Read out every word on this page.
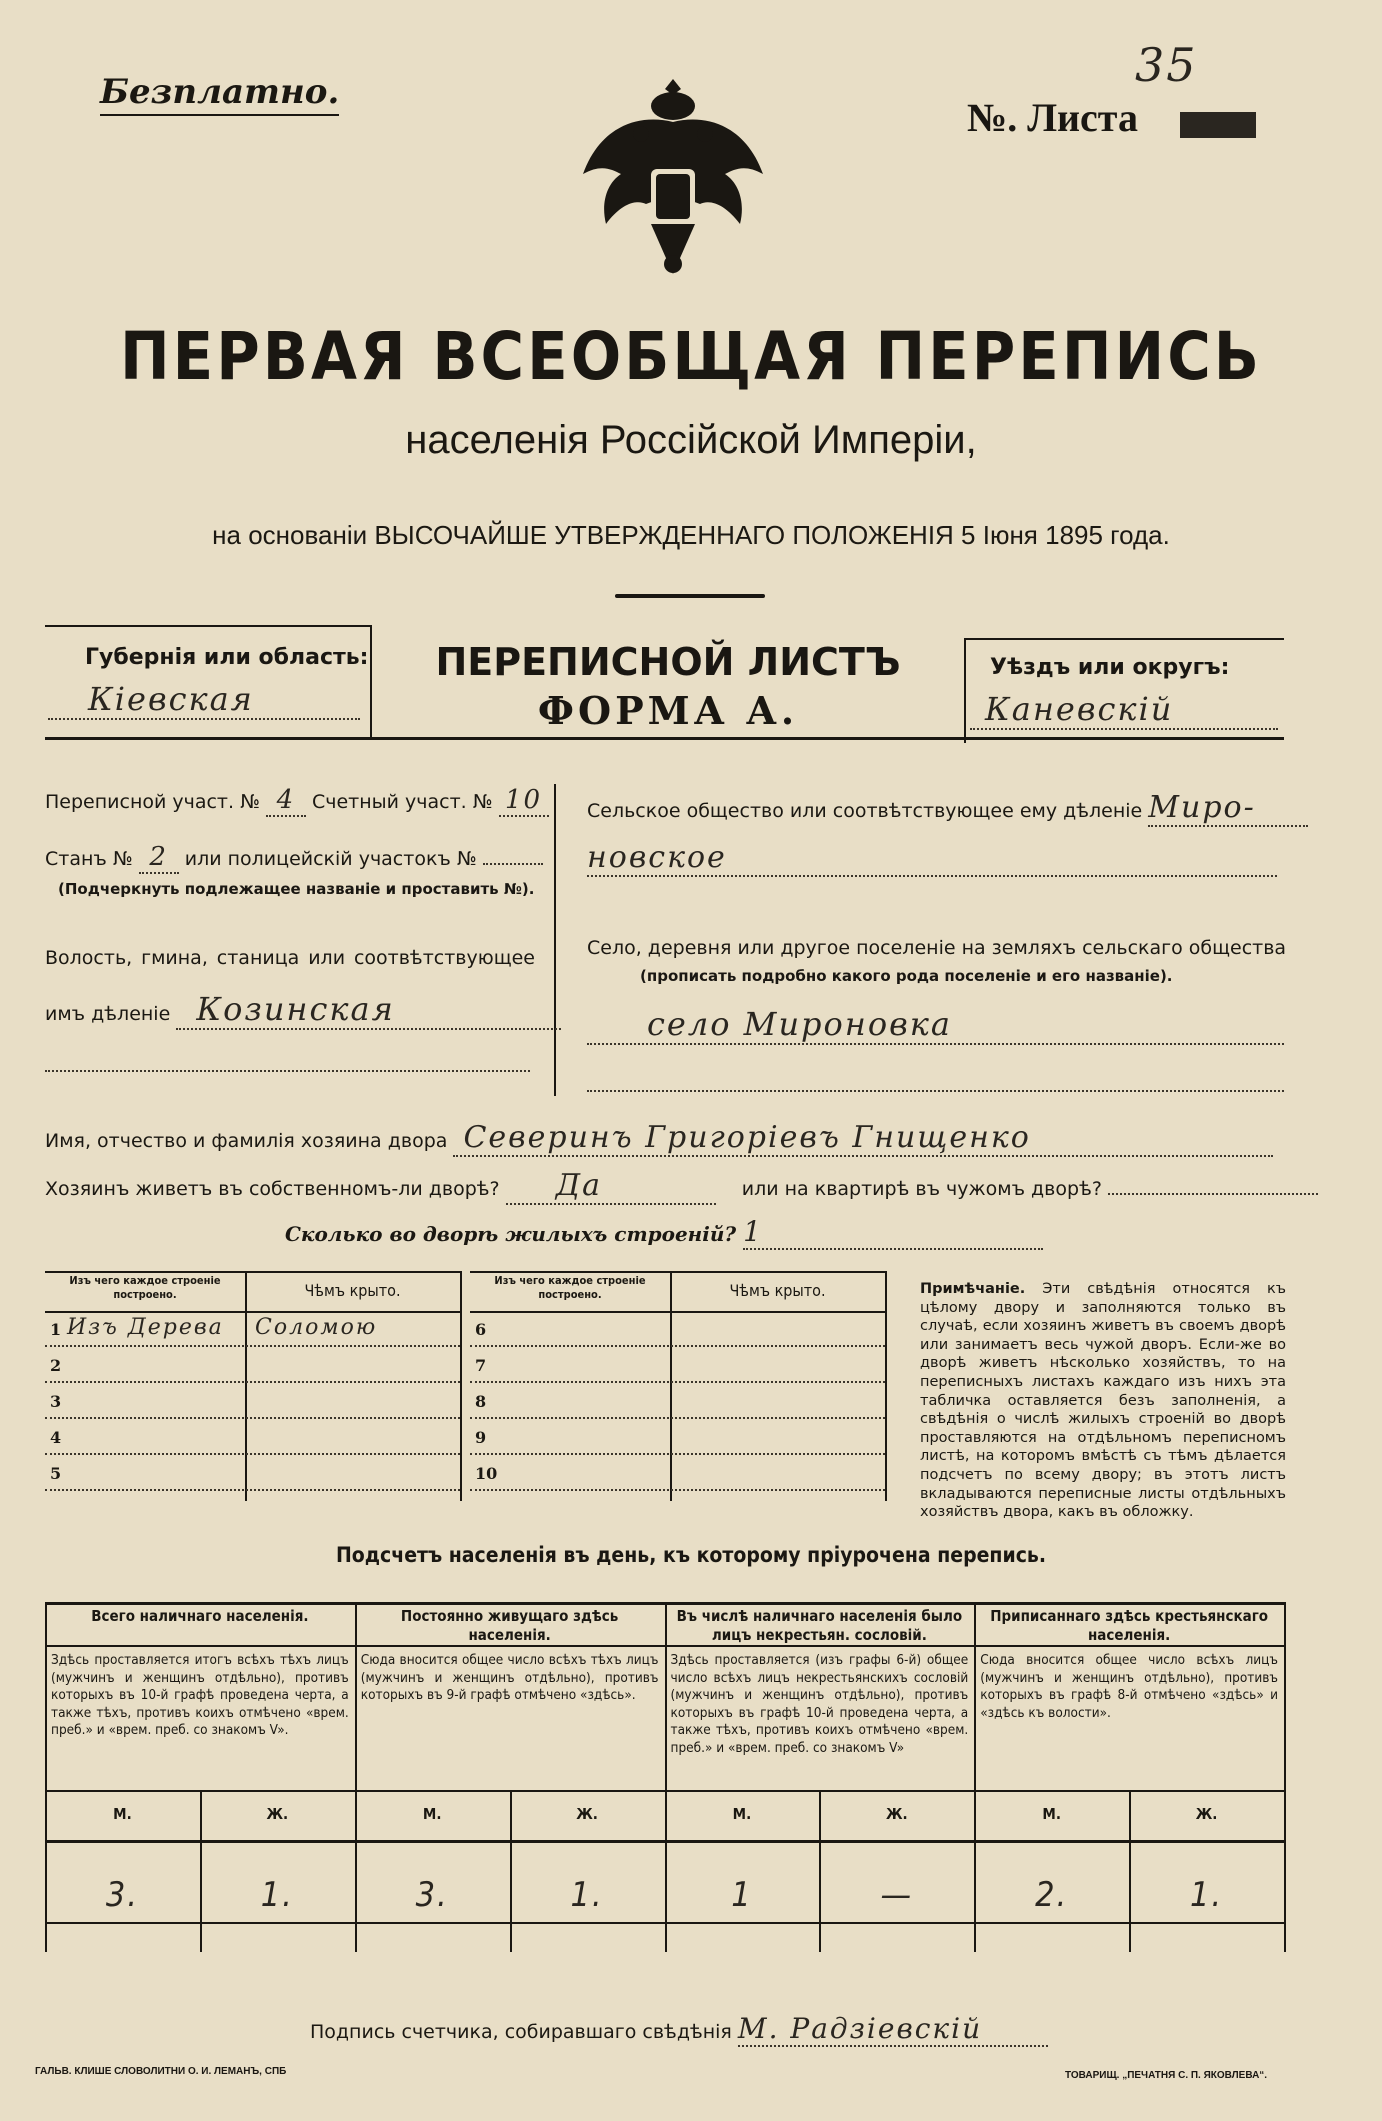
Безплатно.
№. Листа
35
ПЕРВАЯ ВСЕОБЩАЯ ПЕРЕПИСЬ
населенія Россійской Имперіи,
на основаніи ВЫСОЧАЙШЕ УТВЕРЖДЕННАГО ПОЛОЖЕНІЯ 5 Іюня 1895 года.
Губернія или область:
Кіевская
ПЕРЕПИСНОЙ ЛИСТЪ
ФОРМА А.
Уѣздъ или округъ:
Каневскій
Переписной участ. № 4 Счетный участ. № 10
Станъ № 2 или полицейскій участокъ №
(Подчеркнуть подлежащее названіе и проставить №).
Волость, гмина, станица или соотвѣтствующее
имъ дѣленіе Козинская
Сельское общество или соотвѣтствующее ему дѣленіе Миро-
новское
Село, деревня или другое поселеніе на земляхъ сельскаго общества
(прописать подробно какого рода поселеніе и его названіе).
село Мироновка
Имя, отчество и фамилія хозяина двора Северинъ Григорiевъ Гнищенко
Хозяинъ живетъ въ собственномъ-ли дворѣ? Да	или на квартирѣ въ чужомъ дворѣ?
Сколько во дворѣ жилыхъ строеній? 1
Изъ чего каждое строеніе построено.	Чѣмъ крыто.
1 Изъ Дерева Соломою
2
3
4
5
Изъ чего каждое строеніе построено.	Чѣмъ крыто.
6
7
8
9
10
Примѣчаніе. Эти свѣдѣнія относятся къ цѣлому двору и заполняются только въ случаѣ, если хозяинъ живетъ въ своемъ дворѣ или занимаетъ весь чужой дворъ. Если-же во дворѣ живетъ нѣсколько хозяйствъ, то на переписныхъ листахъ каждаго изъ нихъ эта табличка оставляется безъ заполненія, а свѣдѣнія о числѣ жилыхъ строеній во дворѣ проставляются на отдѣльномъ переписномъ листѣ, на которомъ вмѣстѣ съ тѣмъ дѣлается подсчетъ по всему двору; въ этотъ листъ вкладываются переписные листы отдѣльныхъ хозяйствъ двора, какъ въ обложку.
Подсчетъ населенія въ день, къ которому пріурочена перепись.
Всего наличнаго населенія.
Здѣсь проставляется итогъ всѣхъ тѣхъ лицъ (мужчинъ и женщинъ отдѣльно), противъ которыхъ въ 10-й графѣ проведена черта, а также тѣхъ, противъ коихъ отмѣчено «врем. преб.» и «врем. преб. со знакомъ V».
М.	Ж.
3.	1.
Постоянно живущаго здѣсь населенія.
Сюда вносится общее число всѣхъ тѣхъ лицъ (мужчинъ и женщинъ отдѣльно), противъ которыхъ въ 9-й графѣ отмѣчено «здѣсь».
М.	Ж.
3.	1.
Въ числѣ наличнаго населенія было лицъ некрестьян. сословій.
Здѣсь проставляется (изъ графы 6-й) общее число всѣхъ лицъ некрестьянскихъ сословій (мужчинъ и женщинъ отдѣльно), противъ которыхъ въ графѣ 10-й проведена черта, а также тѣхъ, противъ коихъ отмѣчено «врем. преб.» и «врем. преб. со знакомъ V»
М.	Ж.
1	—
Приписаннаго здѣсь крестьянскаго населенія.
Сюда вносится общее число всѣхъ лицъ (мужчинъ и женщинъ отдѣльно), противъ которыхъ въ графѣ 8-й отмѣчено «здѣсь» и «здѣсь къ волости».
М.	Ж.
2.	1.
Подпись счетчика, собиравшаго свѣдѣнія М. Радзiевскiй
ГАЛЬВ. КЛИШЕ СЛОВОЛИТНИ О. И. ЛЕМАНЪ, СПБ	ТОВАРИЩ. „ПЕЧАТНЯ С. П. ЯКОВЛЕВА“.
